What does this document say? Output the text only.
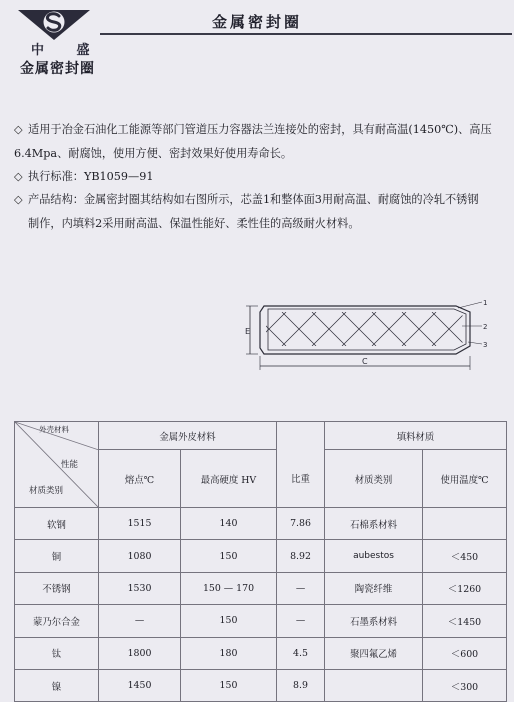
中 盛
金属密封圈
金属密封圈
◇ 适用于冶金石油化工能源等部门管道压力容器法兰连接处的密封，具有耐高温(1450℃)、高压6.4Mpa、耐腐蚀，使用方便、密封效果好使用寿命长。
◇ 执行标准：YB1059—91
◇ 产品结构：金属密封圈其结构如右图所示，芯盖1和整体面3用耐高温、耐腐蚀的冷轧不锈钢
制作，内填料2采用耐高温、保温性能好、柔性佳的高级耐火材料。
E
C
1
2
3
外壳材料
性能
材质类别	金属外皮材料			填料材质	
	熔点℃	最高硬度 HV	比重	材质类别	使用温度℃
软钢	1515	140	7.86	石棉系材料	
铜	1080	150	8.92	aubestos	＜450
不锈钢	1530	150 — 170	—	陶瓷纤维	＜1260
蒙乃尔合金	—	150	—	石墨系材料	＜1450
钛	1800	180	4.5	聚四氟乙烯	＜600
镍	1450	150	8.9		＜300
